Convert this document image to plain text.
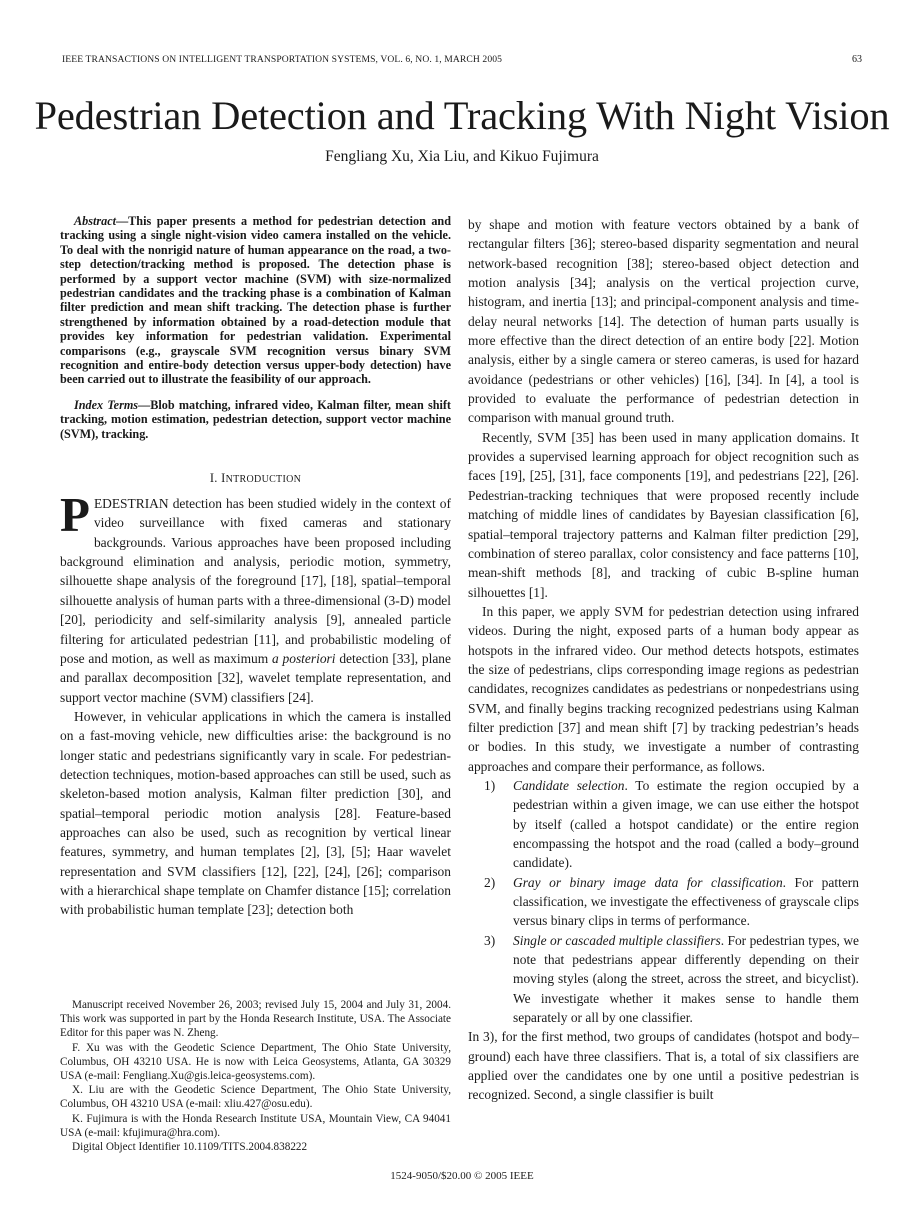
IEEE TRANSACTIONS ON INTELLIGENT TRANSPORTATION SYSTEMS, VOL. 6, NO. 1, MARCH 2005	63
Pedestrian Detection and Tracking With Night Vision
Fengliang Xu, Xia Liu, and Kikuo Fujimura

Abstract—This paper presents a method for pedestrian detection and tracking using a single night-vision video camera installed on the vehicle. To deal with the nonrigid nature of human appearance on the road, a two-step detection/tracking method is proposed. The detection phase is performed by a support vector machine (SVM) with size-normalized pedestrian candidates and the tracking phase is a combination of Kalman filter prediction and mean shift tracking. The detection phase is further strengthened by information obtained by a road-detection module that provides key information for pedestrian validation. Experimental comparisons (e.g., grayscale SVM recognition versus binary SVM recognition and entire-body detection versus upper-body detection) have been carried out to illustrate the feasibility of our approach.

Index Terms—Blob matching, infrared video, Kalman filter, mean shift tracking, motion estimation, pedestrian detection, support vector machine (SVM), tracking.

I. INTRODUCTION

PEDESTRIAN detection has been studied widely in the context of video surveillance with fixed cameras and stationary backgrounds. Various approaches have been proposed including background elimination and analysis, periodic motion, symmetry, silhouette shape analysis of the foreground [17], [18], spatial–temporal silhouette analysis of human parts with a three-dimensional (3-D) model [20], periodicity and self-similarity analysis [9], annealed particle filtering for articulated pedestrian [11], and probabilistic modeling of pose and motion, as well as maximum a posteriori detection [33], plane and parallax decomposition [32], wavelet template representation, and support vector machine (SVM) classifiers [24].

However, in vehicular applications in which the camera is installed on a fast-moving vehicle, new difficulties arise: the background is no longer static and pedestrians significantly vary in scale. For pedestrian-detection techniques, motion-based approaches can still be used, such as skeleton-based motion analysis, Kalman filter prediction [30], and spatial–temporal periodic motion analysis [28]. Feature-based approaches can also be used, such as recognition by vertical linear features, symmetry, and human templates [2], [3], [5]; Haar wavelet representation and SVM classifiers [12], [22], [24], [26]; comparison with a hierarchical shape template on Chamfer distance [15]; correlation with probabilistic human template [23]; detection both

Manuscript received November 26, 2003; revised July 15, 2004 and July 31, 2004. This work was supported in part by the Honda Research Institute, USA. The Associate Editor for this paper was N. Zheng.

F. Xu was with the Geodetic Science Department, The Ohio State University, Columbus, OH 43210 USA. He is now with Leica Geosystems, Atlanta, GA 30329 USA (e-mail: Fengliang.Xu@gis.leica-geosystems.com).

X. Liu are with the Geodetic Science Department, The Ohio State University, Columbus, OH 43210 USA (e-mail: xliu.427@osu.edu).

K. Fujimura is with the Honda Research Institute USA, Mountain View, CA 94041 USA (e-mail: kfujimura@hra.com).

Digital Object Identifier 10.1109/TITS.2004.838222

by shape and motion with feature vectors obtained by a bank of rectangular filters [36]; stereo-based disparity segmentation and neural network-based recognition [38]; stereo-based object detection and motion analysis [34]; analysis on the vertical projection curve, histogram, and inertia [13]; and principal-component analysis and time-delay neural networks [14]. The detection of human parts usually is more effective than the direct detection of an entire body [22]. Motion analysis, either by a single camera or stereo cameras, is used for hazard avoidance (pedestrians or other vehicles) [16], [34]. In [4], a tool is provided to evaluate the performance of pedestrian detection in comparison with manual ground truth.

Recently, SVM [35] has been used in many application domains. It provides a supervised learning approach for object recognition such as faces [19], [25], [31], face components [19], and pedestrians [22], [26]. Pedestrian-tracking techniques that were proposed recently include matching of middle lines of candidates by Bayesian classification [6], spatial–temporal trajectory patterns and Kalman filter prediction [29], combination of stereo parallax, color consistency and face patterns [10], mean-shift methods [8], and tracking of cubic B-spline human silhouettes [1].

In this paper, we apply SVM for pedestrian detection using infrared videos. During the night, exposed parts of a human body appear as hotspots in the infrared video. Our method detects hotspots, estimates the size of pedestrians, clips corresponding image regions as pedestrian candidates, recognizes candidates as pedestrians or nonpedestrians using SVM, and finally begins tracking recognized pedestrians using Kalman filter prediction [37] and mean shift [7] by tracking pedestrian’s heads or bodies. In this study, we investigate a number of contrasting approaches and compare their performance, as follows.

1) Candidate selection. To estimate the region occupied by a pedestrian within a given image, we can use either the hotspot by itself (called a hotspot candidate) or the entire region encompassing the hotspot and the road (called a body–ground candidate).
2) Gray or binary image data for classification. For pattern classification, we investigate the effectiveness of grayscale clips versus binary clips in terms of performance.
3) Single or cascaded multiple classifiers. For pedestrian types, we note that pedestrians appear differently depending on their moving styles (along the street, across the street, and bicyclist). We investigate whether it makes sense to handle them separately or all by one classifier.

In 3), for the first method, two groups of candidates (hotspot and body–ground) each have three classifiers. That is, a total of six classifiers are applied over the candidates one by one until a positive pedestrian is recognized. Second, a single classifier is built

1524-9050/$20.00 © 2005 IEEE
